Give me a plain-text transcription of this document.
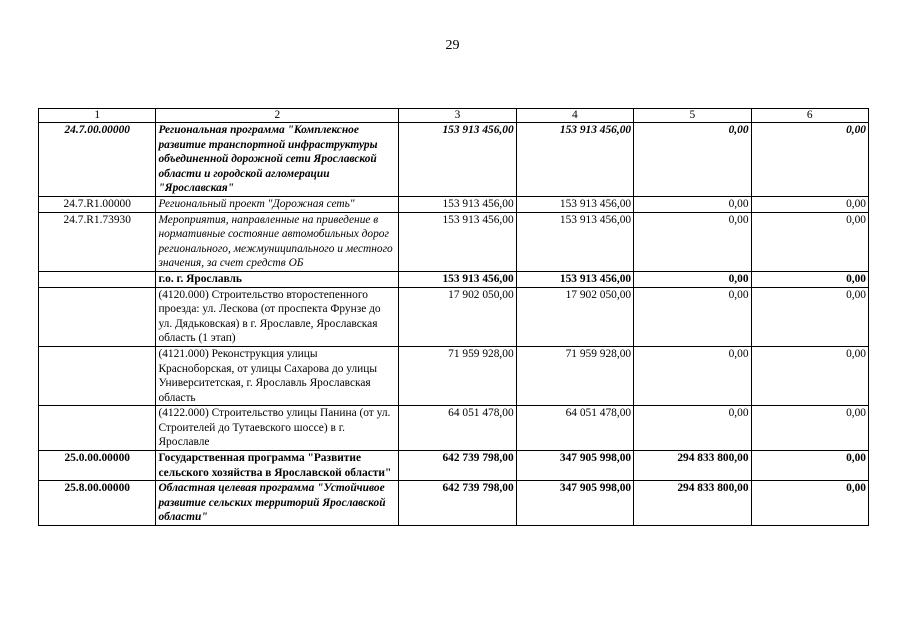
29
1	2	3	4	5	6
24.7.00.00000	Региональная программа "Комплексное развитие транспортной инфраструктуры объединенной дорожной сети Ярославской области и городской агломерации "Ярославская"	153 913 456,00	153 913 456,00	0,00	0,00
24.7.R1.00000	Региональный проект "Дорожная сеть"	153 913 456,00	153 913 456,00	0,00	0,00
24.7.R1.73930	Мероприятия, направленные на приведение в нормативные состояние автомобильных дорог регионального, межмуниципального и местного значения, за счет средств ОБ	153 913 456,00	153 913 456,00	0,00	0,00
	г.о. г. Ярославль	153 913 456,00	153 913 456,00	0,00	0,00
	(4120.000) Строительство второстепенного проезда: ул. Лескова (от проспекта Фрунзе до ул. Дядьковская) в г. Ярославле, Ярославская область (1 этап)	17 902 050,00	17 902 050,00	0,00	0,00
	(4121.000) Реконструкция улицы Красноборская, от улицы Сахарова до улицы Университетская, г. Ярославль Ярославская область	71 959 928,00	71 959 928,00	0,00	0,00
	(4122.000) Строительство улицы Панина (от ул. Строителей до Тутаевского шоссе) в г. Ярославле	64 051 478,00	64 051 478,00	0,00	0,00
25.0.00.00000	Государственная программа "Развитие сельского хозяйства в Ярославской области"	642 739 798,00	347 905 998,00	294 833 800,00	0,00
25.8.00.00000	Областная целевая программа "Устойчивое развитие сельских территорий Ярославской области"	642 739 798,00	347 905 998,00	294 833 800,00	0,00
